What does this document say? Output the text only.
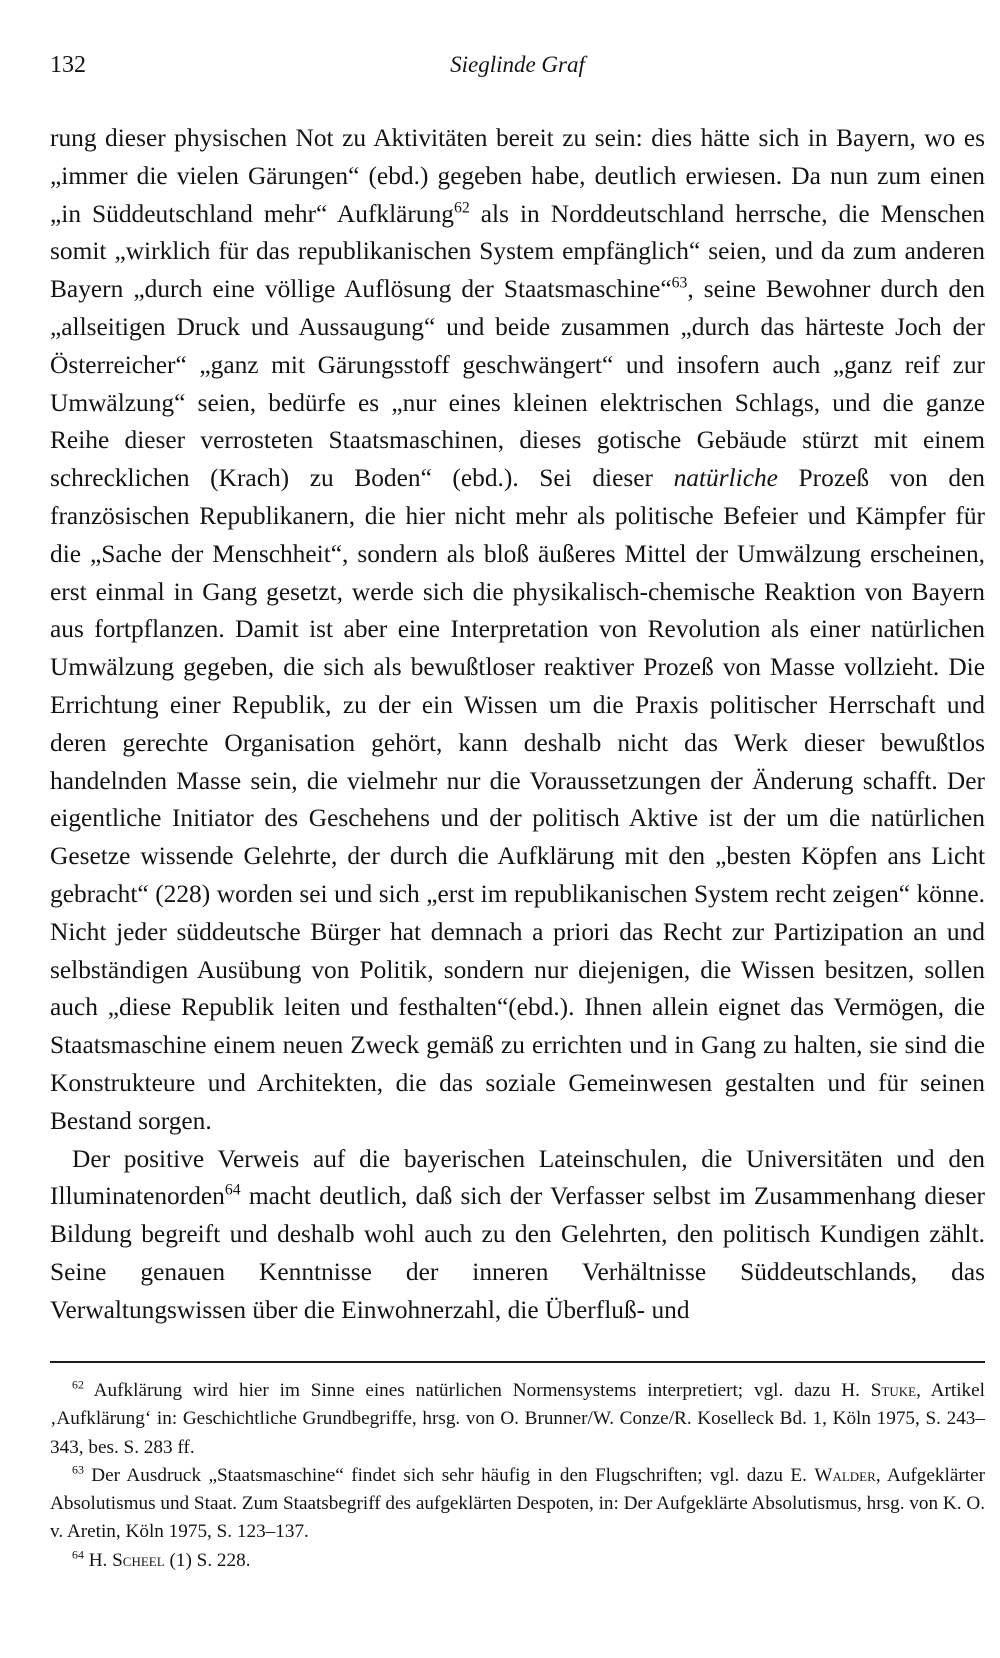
132	Sieglinde Graf

rung dieser physischen Not zu Aktivitäten bereit zu sein: dies hätte sich in Bayern, wo es „immer die vielen Gärungen“ (ebd.) gegeben habe, deutlich erwiesen. Da nun zum einen „in Süddeutschland mehr“ Aufklärung$^{62}$ als in Norddeutschland herrsche, die Menschen somit „wirklich für das republikanischen System empfänglich“ seien, und da zum anderen Bayern „durch eine völlige Auflösung der Staatsmaschine“$^{63}$, seine Bewohner durch den „allseitigen Druck und Aussaugung“ und beide zusammen „durch das härteste Joch der Österreicher“ „ganz mit Gärungsstoff geschwängert“ und insofern auch „ganz reif zur Umwälzung“ seien, bedürfe es „nur eines kleinen elektrischen Schlags, und die ganze Reihe dieser verrosteten Staatsmaschinen, dieses gotische Gebäude stürzt mit einem schrecklichen (Krach) zu Boden“ (ebd.). Sei dieser natürliche Prozeß von den französischen Republikanern, die hier nicht mehr als politische Befeier und Kämpfer für die „Sache der Menschheit“, sondern als bloß äußeres Mittel der Umwälzung erscheinen, erst einmal in Gang gesetzt, werde sich die physikalisch-chemische Reaktion von Bayern aus fortpflanzen. Damit ist aber eine Interpretation von Revolution als einer natürlichen Umwälzung gegeben, die sich als bewußtloser reaktiver Prozeß von Masse vollzieht. Die Errichtung einer Republik, zu der ein Wissen um die Praxis politischer Herrschaft und deren gerechte Organisation gehört, kann deshalb nicht das Werk dieser bewußtlos handelnden Masse sein, die vielmehr nur die Voraussetzungen der Änderung schafft. Der eigentliche Initiator des Geschehens und der politisch Aktive ist der um die natürlichen Gesetze wissende Gelehrte, der durch die Aufklärung mit den „besten Köpfen ans Licht gebracht“ (228) worden sei und sich „erst im republikanischen System recht zeigen“ könne. Nicht jeder süddeutsche Bürger hat demnach a priori das Recht zur Partizipation an und selbständigen Ausübung von Politik, sondern nur diejenigen, die Wissen besitzen, sollen auch „diese Republik leiten und festhalten“(ebd.). Ihnen allein eignet das Vermögen, die Staatsmaschine einem neuen Zweck gemäß zu errichten und in Gang zu halten, sie sind die Konstrukteure und Architekten, die das soziale Gemeinwesen gestalten und für seinen Bestand sorgen.

Der positive Verweis auf die bayerischen Lateinschulen, die Universitäten und den Illuminatenorden$^{64}$ macht deutlich, daß sich der Verfasser selbst im Zusammenhang dieser Bildung begreift und deshalb wohl auch zu den Gelehrten, den politisch Kundigen zählt. Seine genauen Kenntnisse der inneren Verhältnisse Süddeutschlands, das Verwaltungswissen über die Einwohnerzahl, die Überfluß- und

$^{62}$ Aufklärung wird hier im Sinne eines natürlichen Normensystems interpretiert; vgl. dazu H. Stuke, Artikel ‚Aufklärung‘ in: Geschichtliche Grundbegriffe, hrsg. von O. Brunner/W. Conze/R. Koselleck Bd. 1, Köln 1975, S. 243–343, bes. S. 283 ff.

$^{63}$ Der Ausdruck „Staatsmaschine“ findet sich sehr häufig in den Flugschriften; vgl. dazu E. Walder, Aufgeklärter Absolutismus und Staat. Zum Staatsbegriff des aufgeklärten Despoten, in: Der Aufgeklärte Absolutismus, hrsg. von K. O. v. Aretin, Köln 1975, S. 123–137.

$^{64}$ H. Scheel (1) S. 228.
